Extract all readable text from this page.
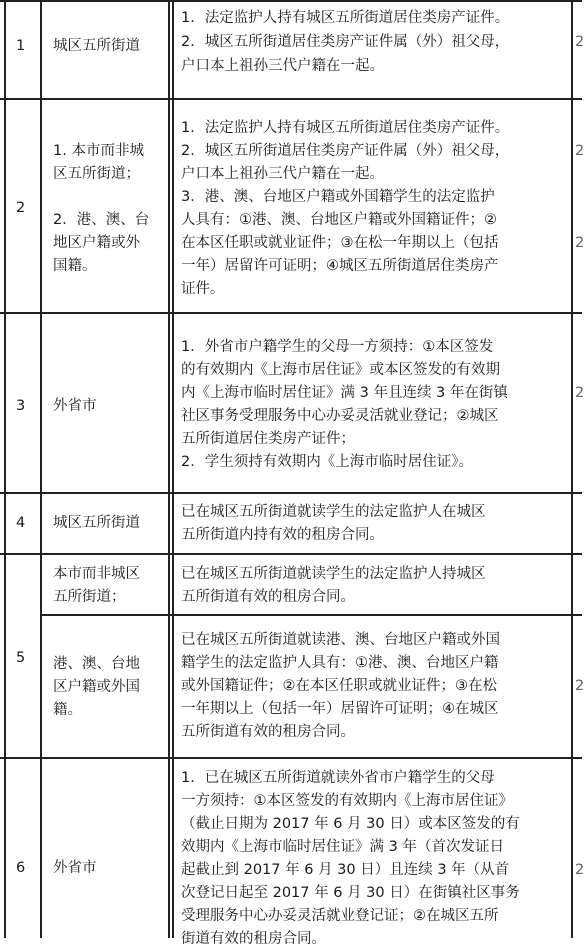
1 城区五所街道
1．法定监护人持有城区五所街道居住类房产证件。
2．城区五所街道居住类房产证件属（外）祖父母，
户口本上祖孙三代户籍在一起。
2
1. 本市而非城
区五所街道；
2．港、澳、台
地区户籍或外
国籍。
1．法定监护人持有城区五所街道居住类房产证件。
2．城区五所街道居住类房产证件属（外）祖父母，
户口本上祖孙三代户籍在一起。
3．港、澳、台地区户籍或外国籍学生的法定监护
人具有：①港、澳、台地区户籍或外国籍证件；②
在本区任职或就业证件；③在松一年期以上（包括
一年）居留许可证明；④城区五所街道居住类房产
证件。
3 外省市
1．外省市户籍学生的父母一方须持：①本区签发
的有效期内《上海市居住证》或本区签发的有效期
内《上海市临时居住证》满 3 年且连续 3 年在街镇
社区事务受理服务中心办妥灵活就业登记；②城区
五所街道居住类房产证件；
2．学生须持有效期内《上海市临时居住证》。
4 城区五所街道
已在城区五所街道就读学生的法定监护人在城区
五所街道内持有效的租房合同。
5
本市而非城区
五所街道；
已在城区五所街道就读学生的法定监护人持城区
五所街道有效的租房合同。
港、澳、台地
区户籍或外国
籍。
已在城区五所街道就读港、澳、台地区户籍或外国
籍学生的法定监护人具有：①港、澳、台地区户籍
或外国籍证件；②在本区任职或就业证件；③在松
一年期以上（包括一年）居留许可证明；④在城区
五所街道有效的租房合同。
6 外省市
1．已在城区五所街道就读外省市户籍学生的父母
一方须持：①本区签发的有效期内《上海市居住证》
（截止日期为 2017 年 6 月 30 日）或本区签发的有
效期内《上海市临时居住证》满 3 年（首次发证日
起截止到 2017 年 6 月 30 日）且连续 3 年（从首
次登记日起至 2017 年 6 月 30 日）在街镇社区事务
受理服务中心办妥灵活就业登记证；②在城区五所
街道有效的租房合同。
2
2
2
2
2
2
